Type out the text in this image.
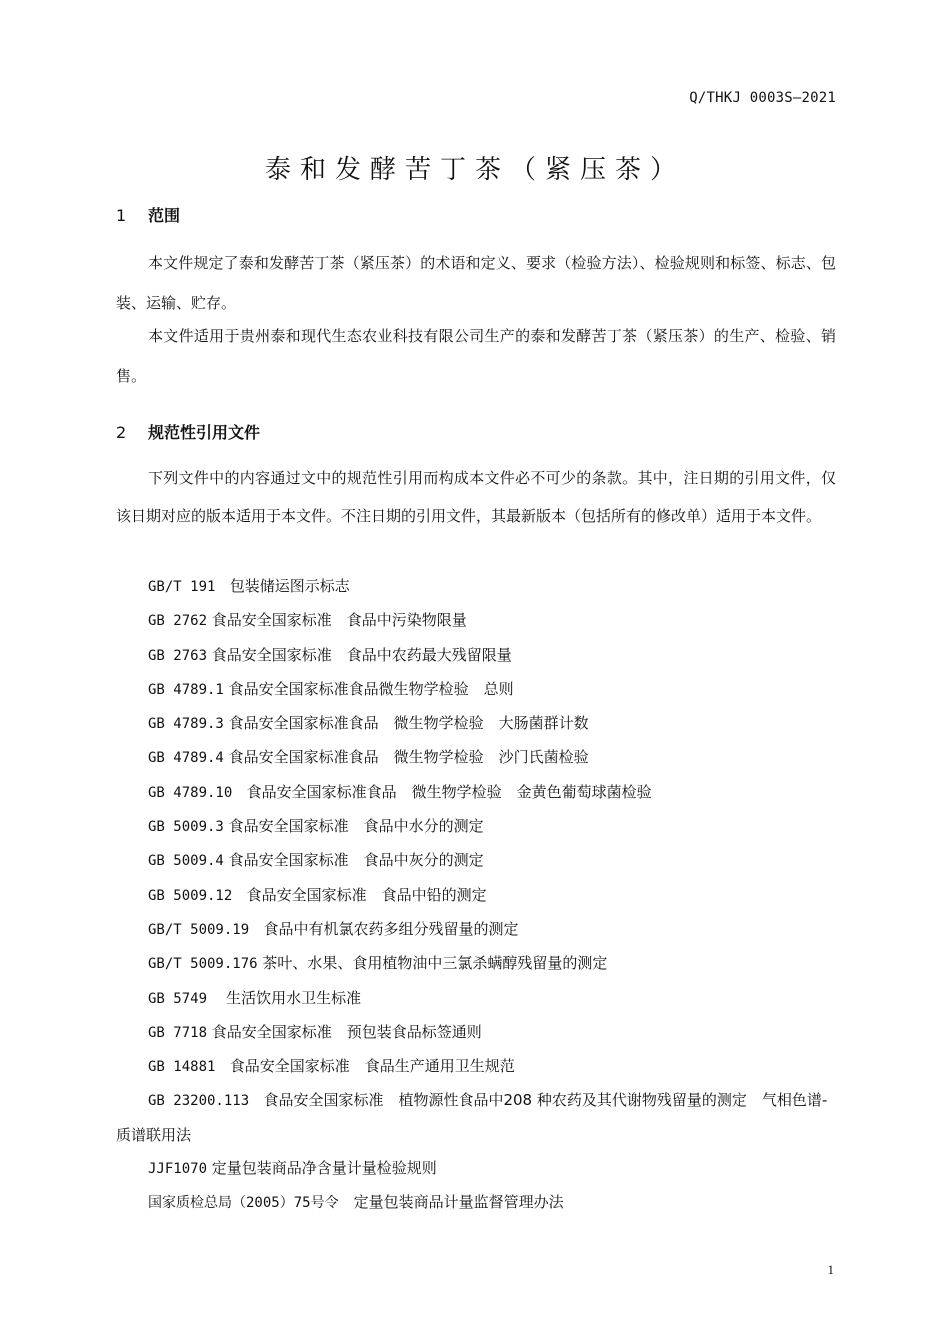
Q/THKJ 0003S—2021
泰和发酵苦丁茶（紧压茶）
1 范围

本文件规定了泰和发酵苦丁茶（紧压茶）的术语和定义、要求（检验方法）、检验规则和标签、标志、包装、运输、贮存。

本文件适用于贵州泰和现代生态农业科技有限公司生产的泰和发酵苦丁茶（紧压茶）的生产、检验、销售。

2 规范性引用文件

下列文件中的内容通过文中的规范性引用而构成本文件必不可少的条款。其中，注日期的引用文件，仅该日期对应的版本适用于本文件。不注日期的引用文件，其最新版本（包括所有的修改单）适用于本文件。

GB/T 191 包装储运图示标志
GB 2762 食品安全国家标准　食品中污染物限量
GB 2763 食品安全国家标准　食品中农药最大残留限量
GB 4789.1 食品安全国家标准食品微生物学检验　总则
GB 4789.3 食品安全国家标准食品　微生物学检验　大肠菌群计数
GB 4789.4 食品安全国家标准食品　微生物学检验　沙门氏菌检验
GB 4789.10 食品安全国家标准食品　微生物学检验　金黄色葡萄球菌检验
GB 5009.3 食品安全国家标准　食品中水分的测定
GB 5009.4 食品安全国家标准　食品中灰分的测定
GB 5009.12 食品安全国家标准　食品中铅的测定
GB/T 5009.19 食品中有机氯农药多组分残留量的测定
GB/T 5009.176 茶叶、水果、食用植物油中三氯杀螨醇残留量的测定
GB 5749 生活饮用水卫生标准
GB 7718 食品安全国家标准　预包装食品标签通则
GB 14881 食品安全国家标准　食品生产通用卫生规范
GB 23200.113 食品安全国家标准　植物源性食品中208 种农药及其代谢物残留量的测定　气相色谱- 质谱联用法
JJF1070 定量包装商品净含量计量检验规则
国家质检总局（2005）75号令　 定量包装商品计量监督管理办法
1
